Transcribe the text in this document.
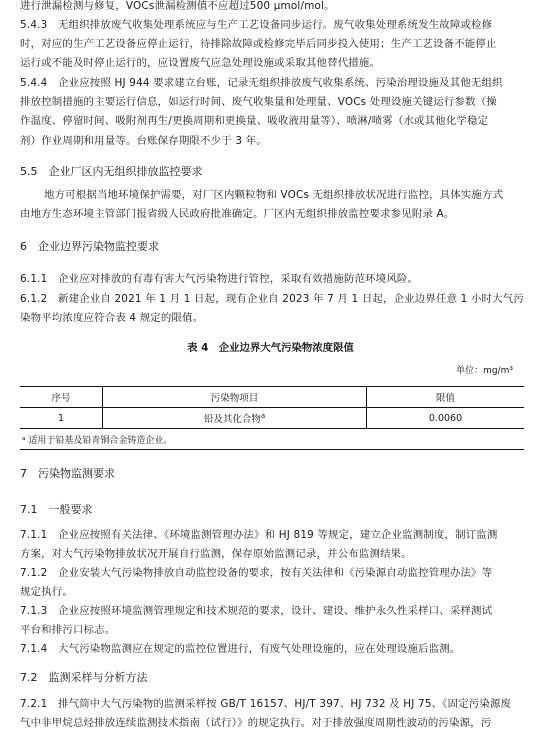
进行泄漏检测与修复，VOCs泄漏检测值不应超过500 μmol/mol。
5.4.3　无组织排放废气收集处理系统应与生产工艺设备同步运行。废气收集处理系统发生故障或检修
时，对应的生产工艺设备应停止运行，待排除故障或检修完毕后同步投入使用；生产工艺设备不能停止
运行或不能及时停止运行的，应设置废气应急处理设施或采取其他替代措施。
5.4.4　企业应按照 HJ 944 要求建立台账，记录无组织排放废气收集系统、污染治理设施及其他无组织
排放控制措施的主要运行信息，如运行时间、废气收集量和处理量、VOCs 处理设施关键运行参数（操
作温度、停留时间、吸附剂再生/更换周期和更换量、吸收液用量等）、喷淋/喷雾（水或其他化学稳定
剂）作业周期和用量等。台账保存期限不少于 3 年。
5.5　企业厂区内无组织排放监控要求
地方可根据当地环境保护需要，对厂区内颗粒物和 VOCs 无组织排放状况进行监控，具体实施方式
由地方生态环境主管部门报省级人民政府批准确定。厂区内无组织排放监控要求参见附录 A。
6　企业边界污染物监控要求
6.1.1　企业应对排放的有毒有害大气污染物进行管控，采取有效措施防范环境风险。
6.1.2　新建企业自 2021 年 1 月 1 日起，现有企业自 2023 年 7 月 1 日起，企业边界任意 1 小时大气污
染物平均浓度应符合表 4 规定的限值。
表 4　企业边界大气污染物浓度限值
单位：mg/m³
序号	污染物项目	限值
1	铅及其化合物$^a$	0.0060
ᵃ 适用于铅基及铅青铜合金铸造企业。		
7　污染物监测要求
7.1　一般要求
7.1.1　企业应按照有关法律、《环境监测管理办法》和 HJ 819 等规定，建立企业监测制度，制订监测
方案，对大气污染物排放状况开展自行监测，保存原始监测记录，并公布监测结果。
7.1.2　企业安装大气污染物排放自动监控设备的要求，按有关法律和《污染源自动监控管理办法》等
规定执行。
7.1.3　企业应按照环境监测管理规定和技术规范的要求，设计、建设、维护永久性采样口、采样测试
平台和排污口标志。
7.1.4　大气污染物监测应在规定的监控位置进行，有废气处理设施的，应在处理设施后监测。
7.2　监测采样与分析方法
7.2.1　排气筒中大气污染物的监测采样按 GB/T 16157、HJ/T 397、HJ 732 及 HJ 75、《固定污染源废
气中非甲烷总烃排放连续监测技术指南（试行）》的规定执行。对于排放强度周期性波动的污染源，污
